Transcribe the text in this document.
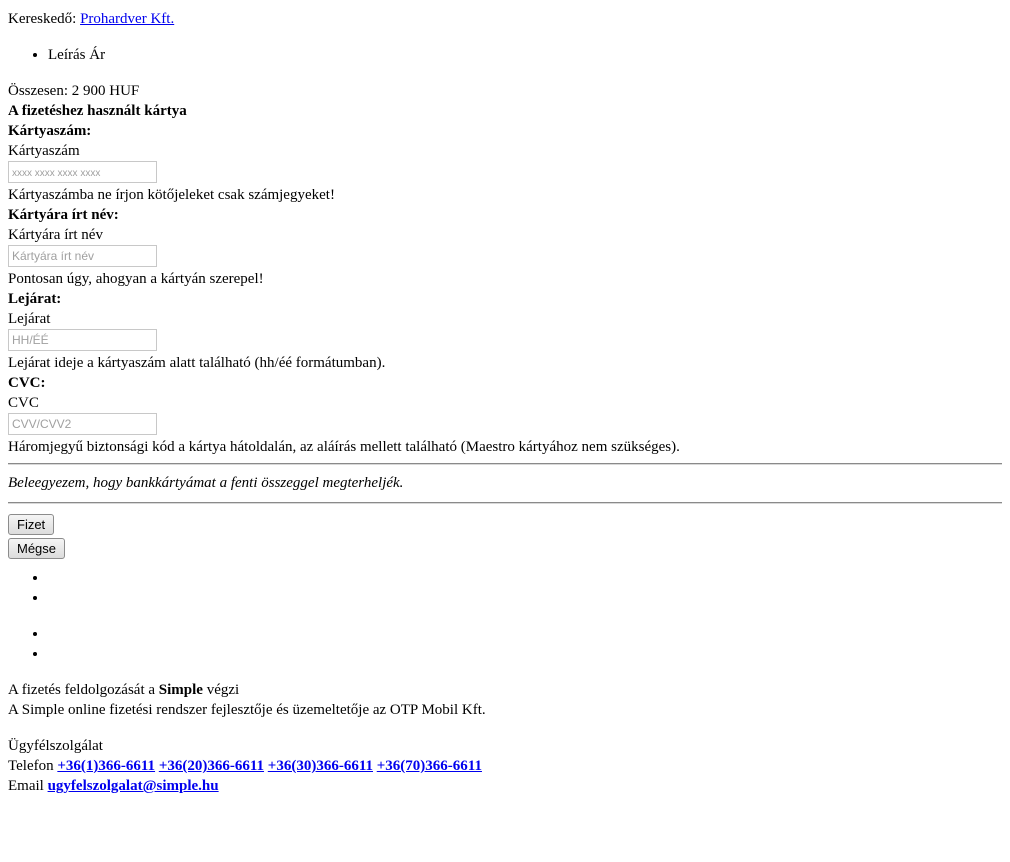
Kereskedő: Prohardver Kft.
• Leírás Ár
Összesen: 2 900 HUF
A fizetéshez használt kártya
Kártyaszám:
Kártyaszám
xxxx xxxx xxxx xxxx
Kártyaszámba ne írjon kötőjeleket csak számjegyeket!
Kártyára írt név:
Kártyára írt név
Kártyára írt név
Pontosan úgy, ahogyan a kártyán szerepel!
Lejárat:
Lejárat
HH/ÉÉ
Lejárat ideje a kártyaszám alatt található (hh/éé formátumban).
CVC:
CVC
CVV/CVV2
Háromjegyű biztonsági kód a kártya hátoldalán, az aláírás mellett található (Maestro kártyához nem szükséges).
Beleegyezem, hogy bankkártyámat a fenti összeggel megterheljék.
Fizet
Mégse
•
•
•
•
A fizetés feldolgozását a Simple végzi
A Simple online fizetési rendszer fejlesztője és üzemeltetője az OTP Mobil Kft.
Ügyfélszolgálat
Telefon +36(1)366-6611 +36(20)366-6611 +36(30)366-6611 +36(70)366-6611
Email ugyfelszolgalat@simple.hu
